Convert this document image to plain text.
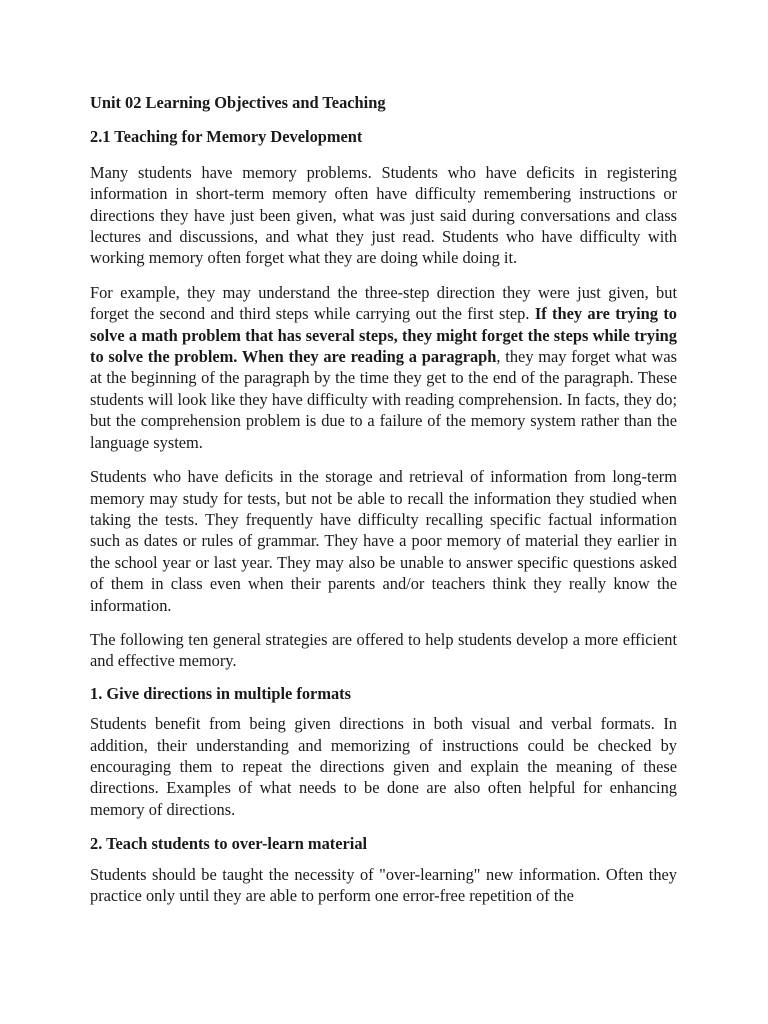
Unit 02 Learning Objectives and Teaching

2.1 Teaching for Memory Development

Many students have memory problems. Students who have deficits in registering information in short-term memory often have difficulty remembering instructions or directions they have just been given, what was just said during conversations and class lectures and discussions, and what they just read. Students who have difficulty with working memory often forget what they are doing while doing it.

For example, they may understand the three-step direction they were just given, but forget the second and third steps while carrying out the first step. If they are trying to solve a math problem that has several steps, they might forget the steps while trying to solve the problem. When they are reading a paragraph, they may forget what was at the beginning of the paragraph by the time they get to the end of the paragraph. These students will look like they have difficulty with reading comprehension. In facts, they do; but the comprehension problem is due to a failure of the memory system rather than the language system.

Students who have deficits in the storage and retrieval of information from long-term memory may study for tests, but not be able to recall the information they studied when taking the tests. They frequently have difficulty recalling specific factual information such as dates or rules of grammar. They have a poor memory of material they earlier in the school year or last year. They may also be unable to answer specific questions asked of them in class even when their parents and/or teachers think they really know the information.

The following ten general strategies are offered to help students develop a more efficient and effective memory.

1. Give directions in multiple formats

Students benefit from being given directions in both visual and verbal formats. In addition, their understanding and memorizing of instructions could be checked by encouraging them to repeat the directions given and explain the meaning of these directions. Examples of what needs to be done are also often helpful for enhancing memory of directions.

2. Teach students to over-learn material

Students should be taught the necessity of "over-learning" new information. Often they practice only until they are able to perform one error-free repetition of the
